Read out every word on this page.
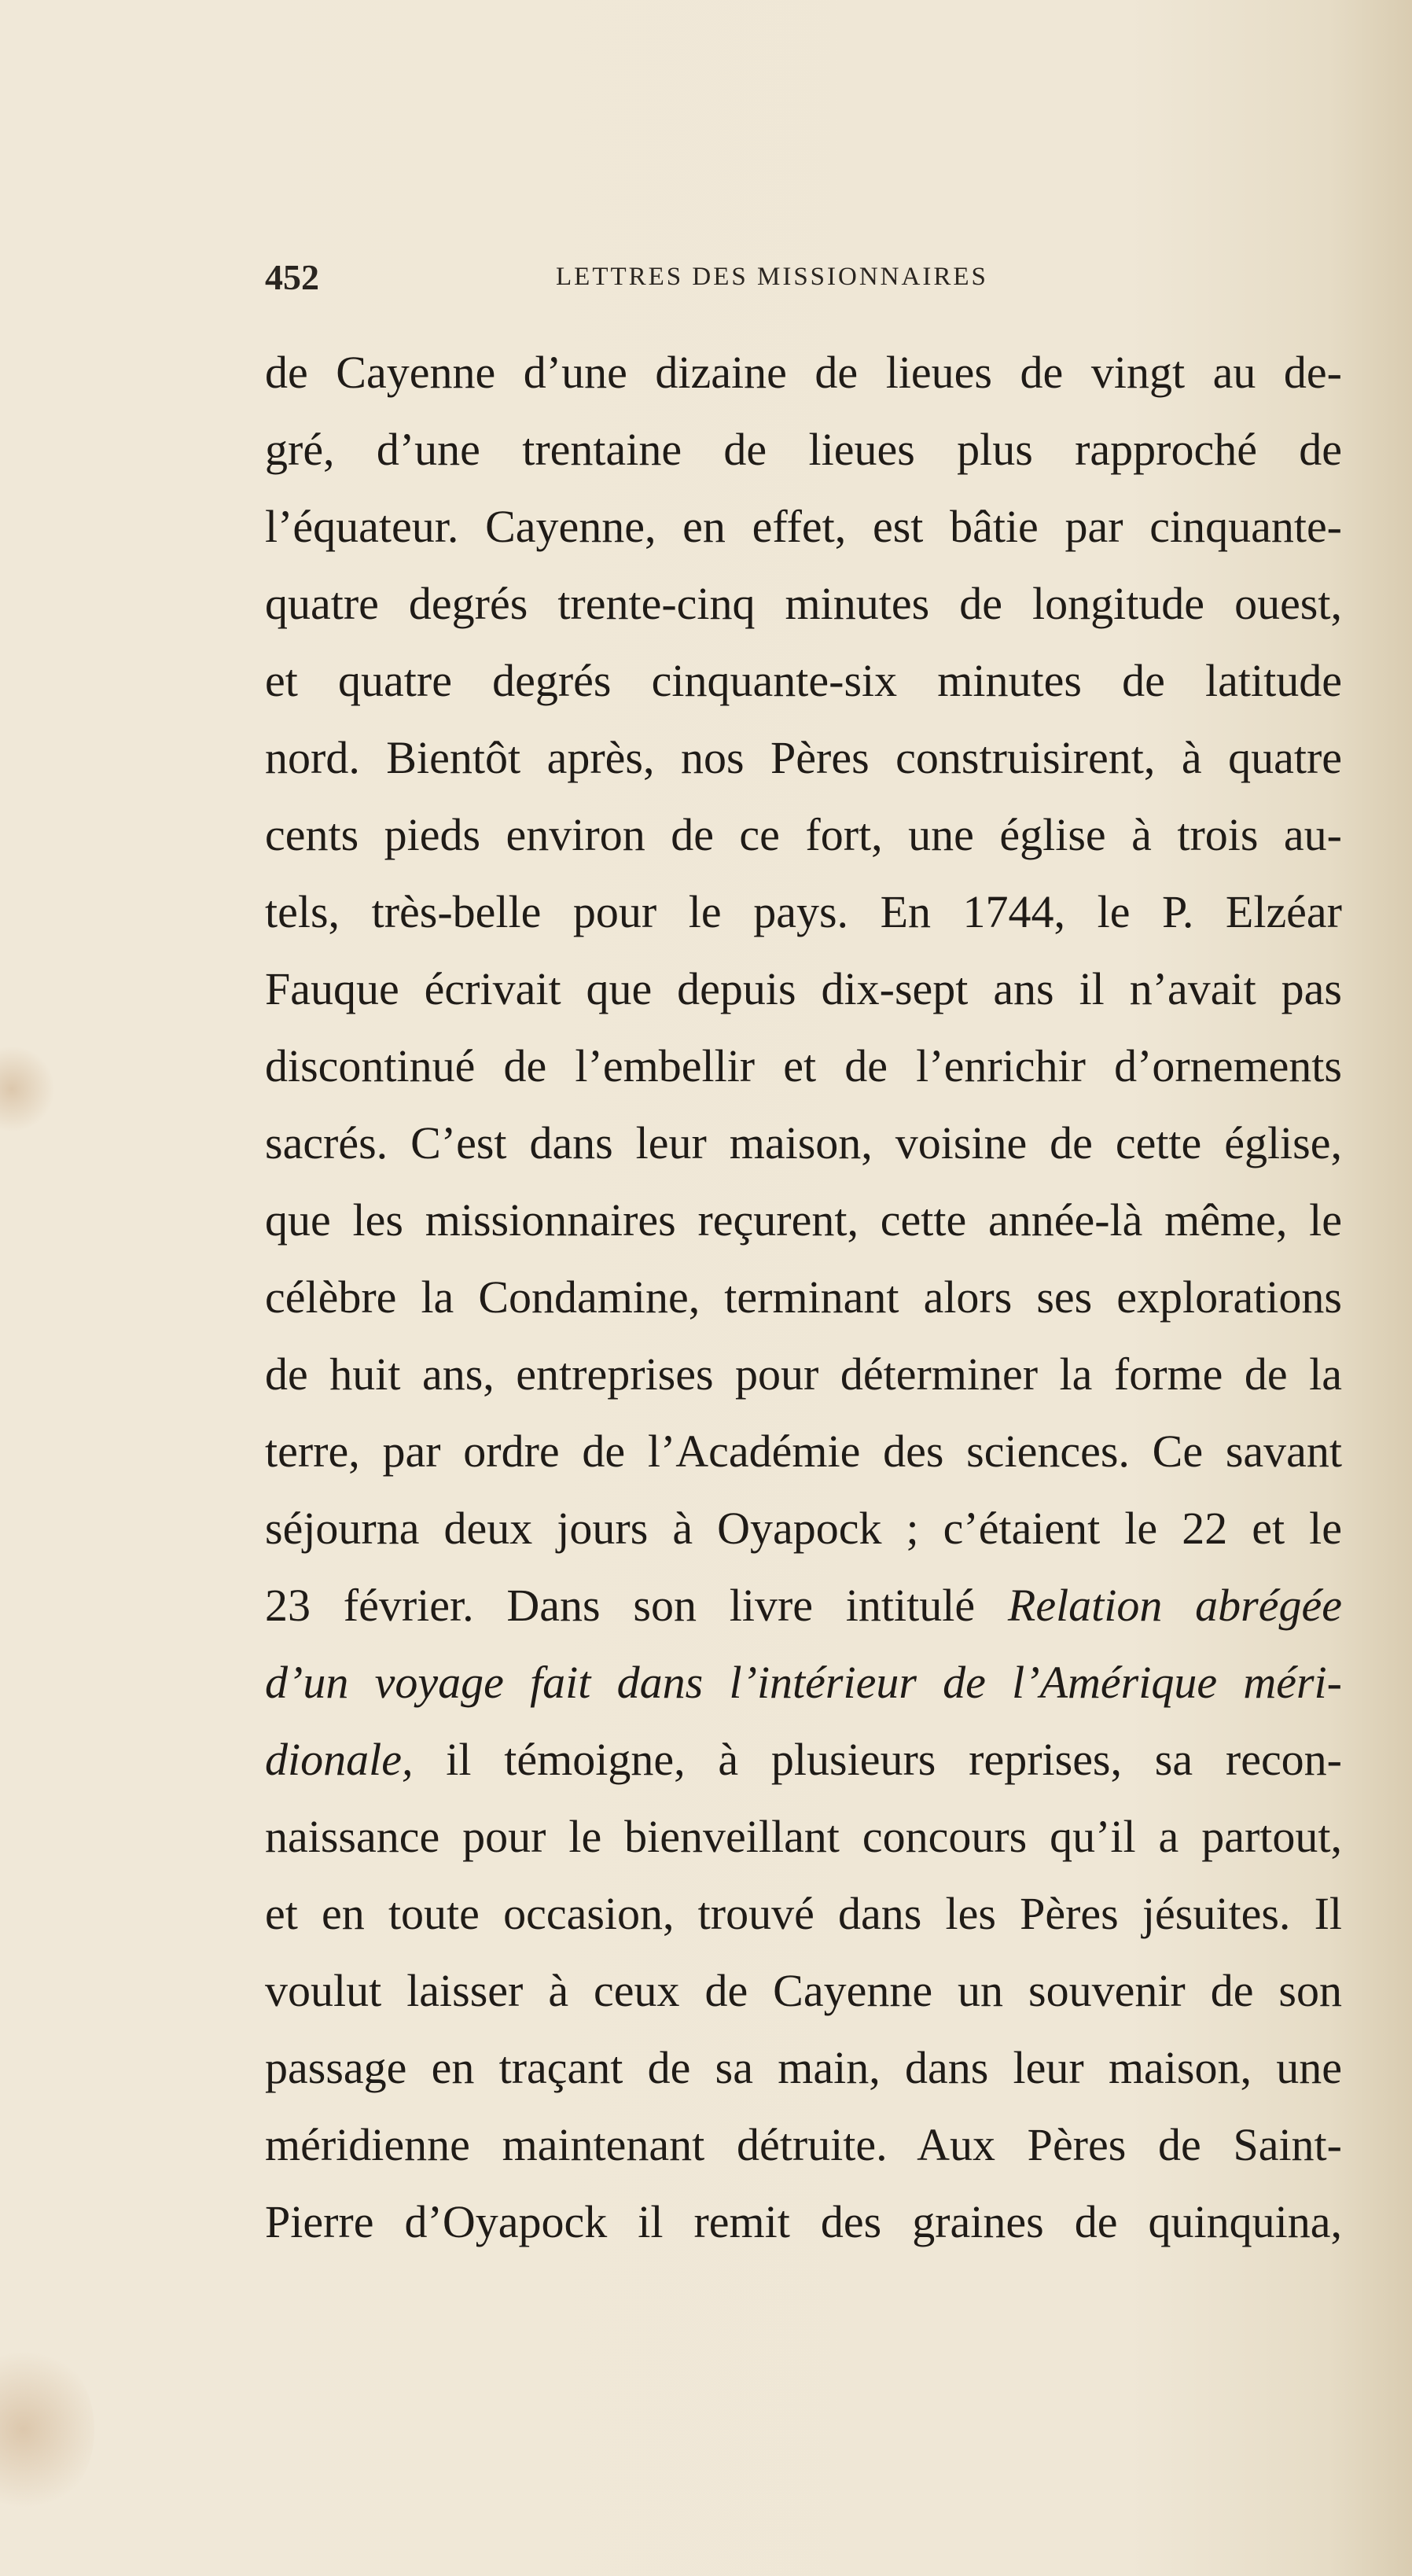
452	LETTRES DES MISSIONNAIRES
de Cayenne d’une dizaine de lieues de vingt au de-
gré, d’une trentaine de lieues plus rapproché de
l’équateur. Cayenne, en effet, est bâtie par cinquante-
quatre degrés trente-cinq minutes de longitude ouest,
et quatre degrés cinquante-six minutes de latitude
nord. Bientôt après, nos Pères construisirent, à quatre
cents pieds environ de ce fort, une église à trois au-
tels, très-belle pour le pays. En 1744, le P. Elzéar
Fauque écrivait que depuis dix-sept ans il n’avait pas
discontinué de l’embellir et de l’enrichir d’ornements
sacrés. C’est dans leur maison, voisine de cette église,
que les missionnaires reçurent, cette année-là même, le
célèbre la Condamine, terminant alors ses explorations
de huit ans, entreprises pour déterminer la forme de la
terre, par ordre de l’Académie des sciences. Ce savant
séjourna deux jours à Oyapock ; c’étaient le 22 et le
23 février. Dans son livre intitulé Relation abrégée
d’un voyage fait dans l’intérieur de l’Amérique méri-
dionale, il témoigne, à plusieurs reprises, sa recon-
naissance pour le bienveillant concours qu’il a partout,
et en toute occasion, trouvé dans les Pères jésuites. Il
voulut laisser à ceux de Cayenne un souvenir de son
passage en traçant de sa main, dans leur maison, une
méridienne maintenant détruite. Aux Pères de Saint-
Pierre d’Oyapock il remit des graines de quinquina,
